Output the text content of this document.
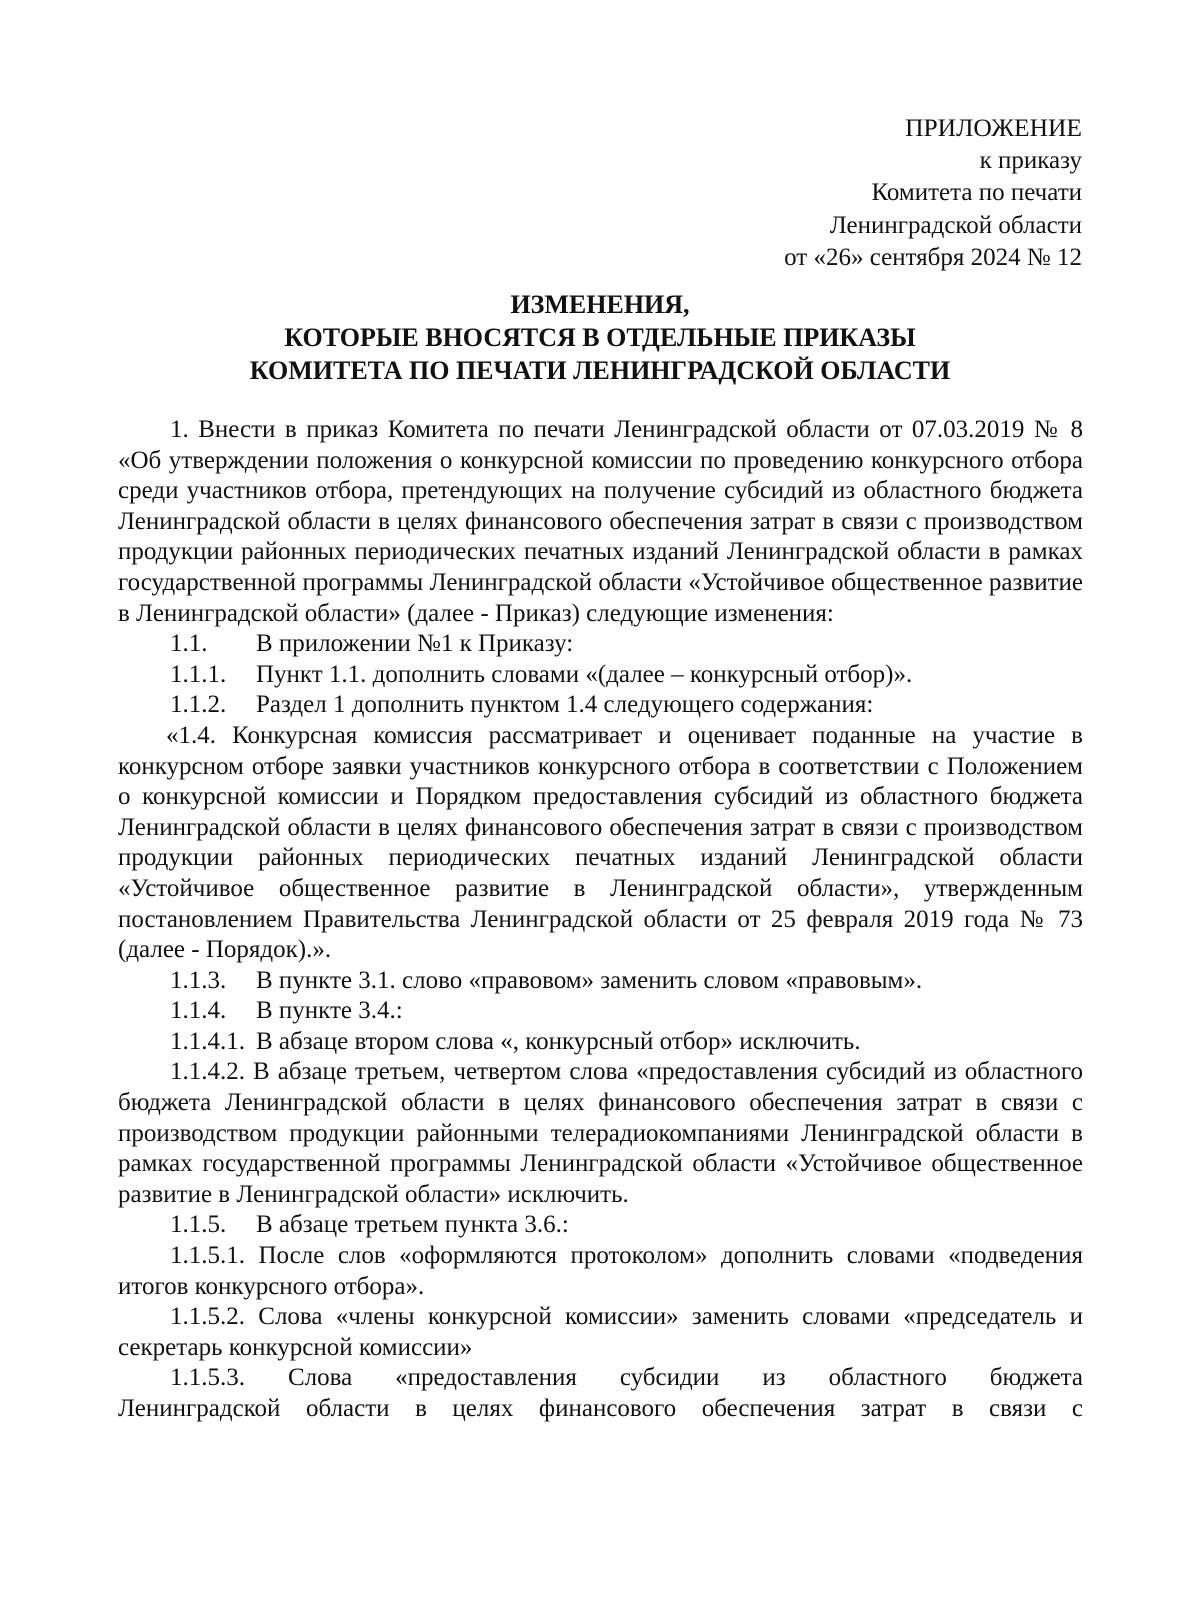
ПРИЛОЖЕНИЕ
к приказу
Комитета по печати
Ленинградской области
от «26» сентября 2024 № 12
ИЗМЕНЕНИЯ,
КОТОРЫЕ ВНОСЯТСЯ В ОТДЕЛЬНЫЕ ПРИКАЗЫ
КОМИТЕТА ПО ПЕЧАТИ ЛЕНИНГРАДСКОЙ ОБЛАСТИ

1. Внести в приказ Комитета по печати Ленинградской области от 07.03.2019 № 8 «Об утверждении положения о конкурсной комиссии по проведению конкурсного отбора среди участников отбора, претендующих на получение субсидий из областного бюджета Ленинградской области в целях финансового обеспечения затрат в связи с производством продукции районных периодических печатных изданий Ленинградской области в рамках государственной программы Ленинградской области «Устойчивое общественное развитие в Ленинградской области» (далее - Приказ) следующие изменения:

1.1. В приложении №1 к Приказу:

1.1.1. Пункт 1.1. дополнить словами «(далее – конкурсный отбор)».

1.1.2. Раздел 1 дополнить пунктом 1.4 следующего содержания:

«1.4. Конкурсная комиссия рассматривает и оценивает поданные на участие в конкурсном отборе заявки участников конкурсного отбора в соответствии с Положением о конкурсной комиссии и Порядком предоставления субсидий из областного бюджета Ленинградской области в целях финансового обеспечения затрат в связи с производством продукции районных периодических печатных изданий Ленинградской области «Устойчивое общественное развитие в Ленинградской области», утвержденным постановлением Правительства Ленинградской области от 25 февраля 2019 года № 73 (далее - Порядок).».

1.1.3. В пункте 3.1. слово «правовом» заменить словом «правовым».

1.1.4. В пункте 3.4.:

1.1.4.1. В абзаце втором слова «, конкурсный отбор» исключить.

1.1.4.2. В абзаце третьем, четвертом слова «предоставления субсидий из областного бюджета Ленинградской области в целях финансового обеспечения затрат в связи с производством продукции районными телерадиокомпаниями Ленинградской области в рамках государственной программы Ленинградской области «Устойчивое общественное развитие в Ленинградской области» исключить.

1.1.5. В абзаце третьем пункта 3.6.:

1.1.5.1. После слов «оформляются протоколом» дополнить словами «подведения итогов конкурсного отбора».

1.1.5.2. Слова «члены конкурсной комиссии» заменить словами «председатель и секретарь конкурсной комиссии»

1.1.5.3. Слова «предоставления субсидии из областного бюджета
Ленинградской области в целях финансового обеспечения затрат в связи с
